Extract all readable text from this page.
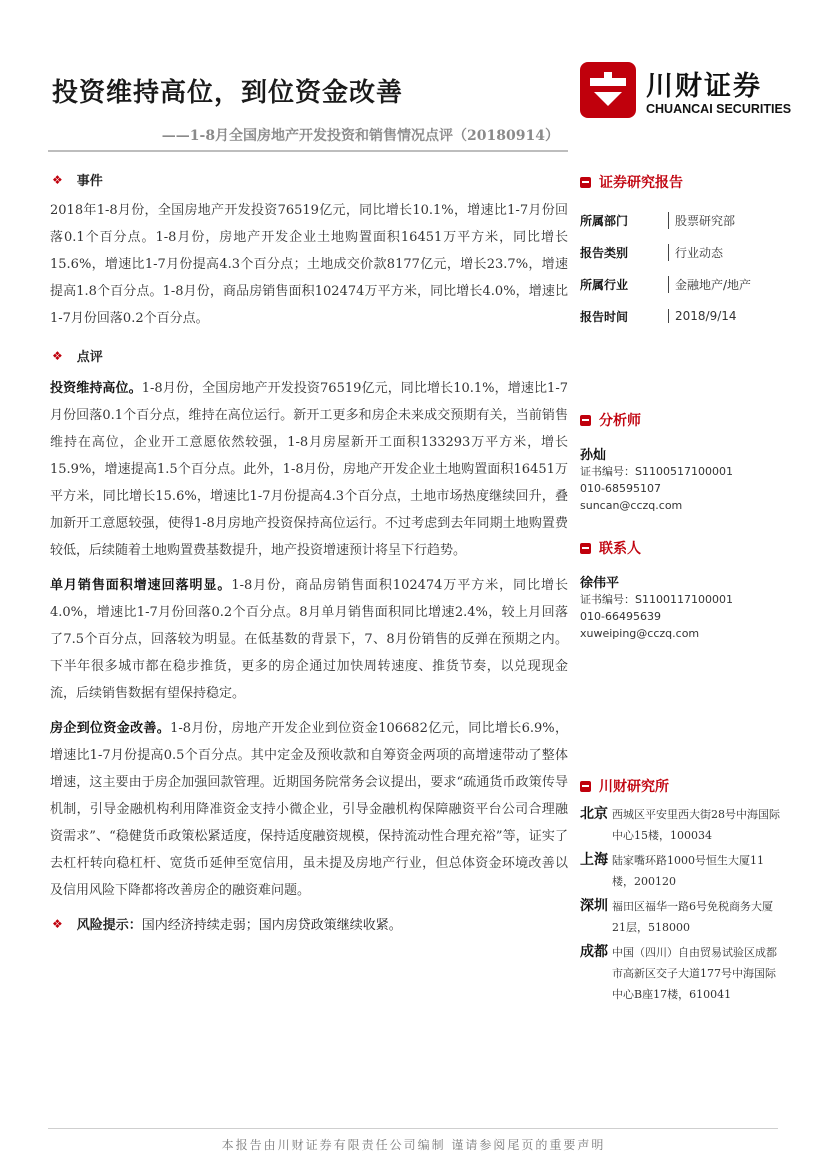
投资维持高位，到位资金改善
——1-8月全国房地产开发投资和销售情况点评（20180914）
川财证券
CHUANCAI SECURITIES
❖ 事件

2018年1-8月份，全国房地产开发投资76519亿元，同比增长10.1%，增速比1-7月份回落0.1个百分点。1-8月份，房地产开发企业土地购置面积16451万平方米，同比增长15.6%，增速比1-7月份提高4.3个百分点；土地成交价款8177亿元，增长23.7%，增速提高1.8个百分点。1-8月份，商品房销售面积102474万平方米，同比增长4.0%，增速比1-7月份回落0.2个百分点。

❖ 点评

投资维持高位。1-8月份，全国房地产开发投资76519亿元，同比增长10.1%，增速比1-7月份回落0.1个百分点，维持在高位运行。新开工更多和房企未来成交预期有关，当前销售维持在高位，企业开工意愿依然较强，1-8月房屋新开工面积133293万平方米，增长15.9%，增速提高1.5个百分点。此外，1-8月份，房地产开发企业土地购置面积16451万平方米，同比增长15.6%，增速比1-7月份提高4.3个百分点，土地市场热度继续回升，叠加新开工意愿较强，使得1-8月房地产投资保持高位运行。不过考虑到去年同期土地购置费较低，后续随着土地购置费基数提升，地产投资增速预计将呈下行趋势。

单月销售面积增速回落明显。1-8月份，商品房销售面积102474万平方米，同比增长4.0%，增速比1-7月份回落0.2个百分点。8月单月销售面积同比增速2.4%，较上月回落了7.5个百分点，回落较为明显。在低基数的背景下，7、8月份销售的反弹在预期之内。下半年很多城市都在稳步推货，更多的房企通过加快周转速度、推货节奏，以兑现现金流，后续销售数据有望保持稳定。

房企到位资金改善。1-8月份，房地产开发企业到位资金106682亿元，同比增长6.9%，增速比1-7月份提高0.5个百分点。其中定金及预收款和自筹资金两项的高增速带动了整体增速，这主要由于房企加强回款管理。近期国务院常务会议提出，要求“疏通货币政策传导机制，引导金融机构利用降准资金支持小微企业，引导金融机构保障融资平台公司合理融资需求”、“稳健货币政策松紧适度，保持适度融资规模，保持流动性合理充裕”等，证实了去杠杆转向稳杠杆、宽货币延伸至宽信用，虽未提及房地产行业，但总体资金环境改善以及信用风险下降都将改善房企的融资难问题。

❖ 风险提示： 国内经济持续走弱；国内房贷政策继续收紧。
证券研究报告
所属部门	股票研究部
报告类别	行业动态
所属行业	金融地产/地产
报告时间	2018/9/14
分析师
孙灿
证书编号：S1100517100001
010-68595107
suncan@cczq.com
联系人
徐伟平
证书编号：S1100117100001
010-66495639
xuweiping@cczq.com
川财研究所
北京 西城区平安里西大街28号中海国际中心15楼，100034
上海 陆家嘴环路1000号恒生大厦11楼，200120
深圳 福田区福华一路6号免税商务大厦21层，518000
成都 中国（四川）自由贸易试验区成都市高新区交子大道177号中海国际中心B座17楼，610041
本报告由川财证券有限责任公司编制 谨请参阅尾页的重要声明
